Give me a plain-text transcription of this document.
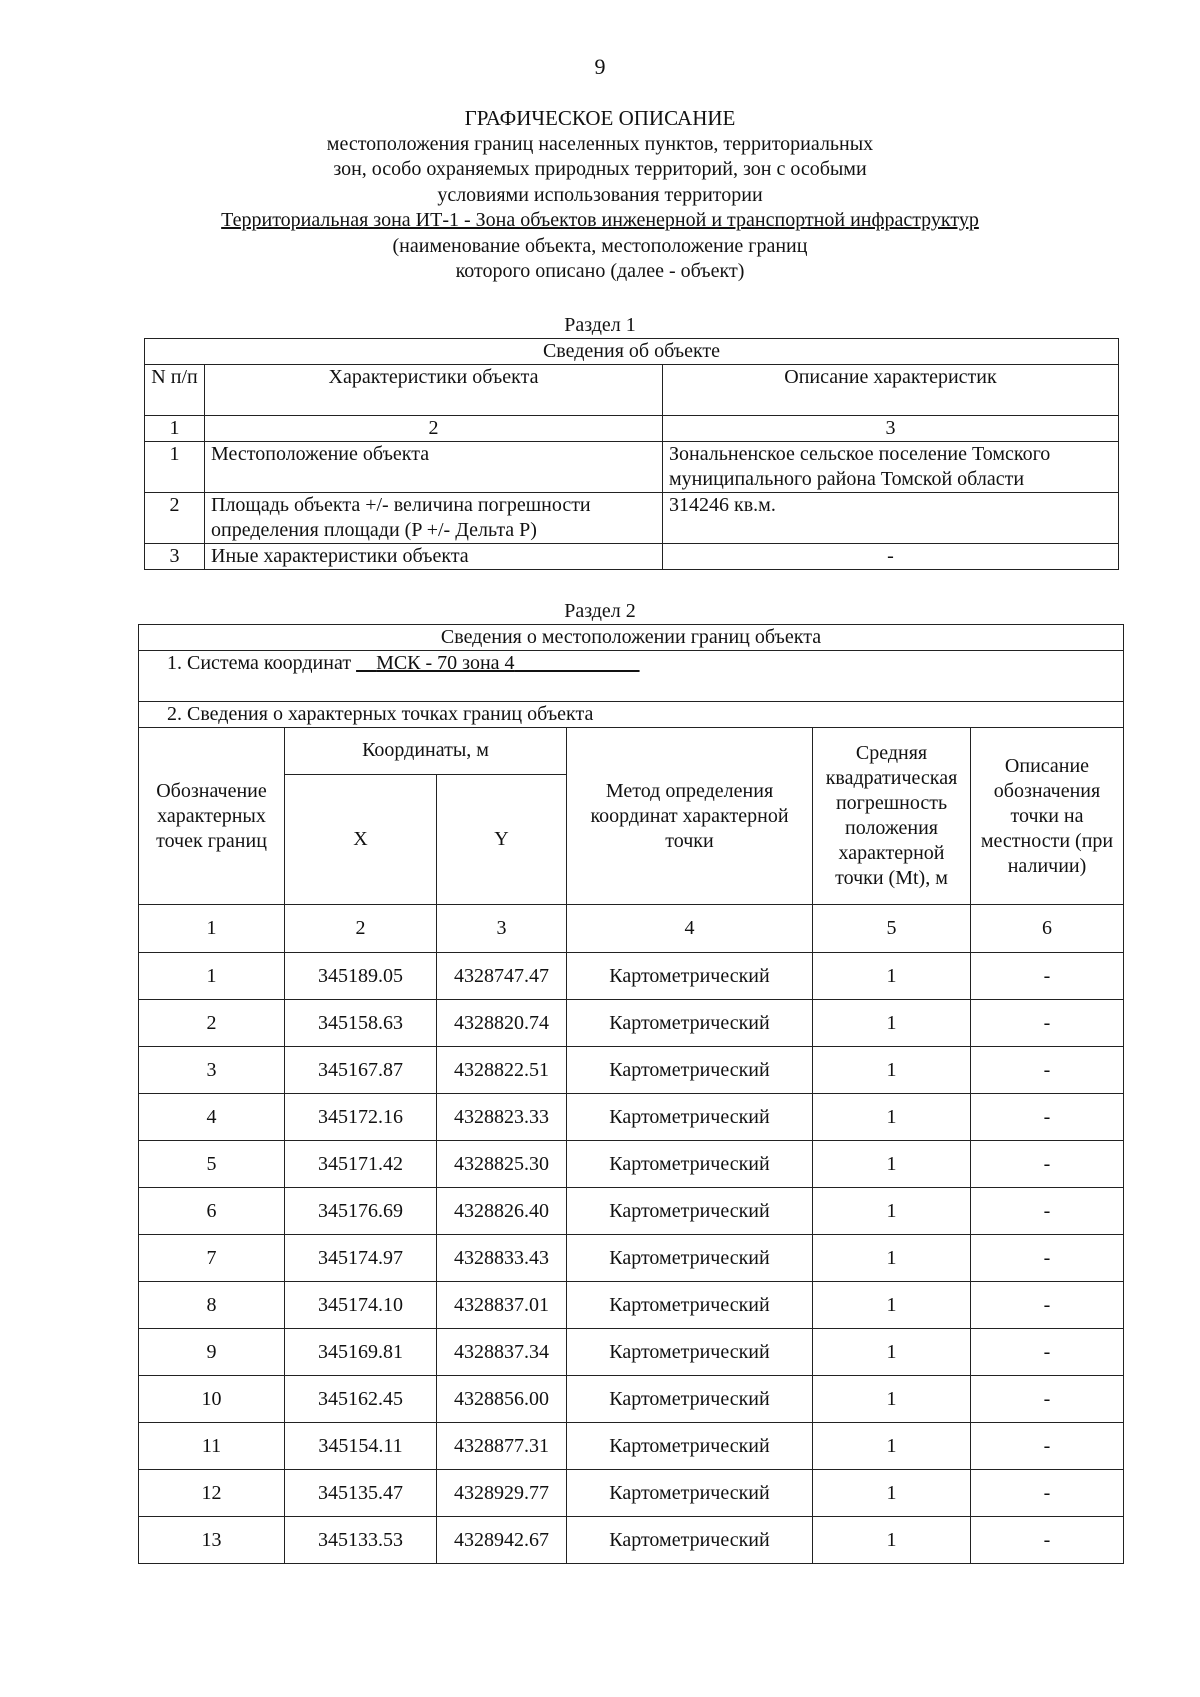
9
ГРАФИЧЕСКОЕ ОПИСАНИЕ
местоположения границ населенных пунктов, территориальных
зон, особо охраняемых природных территорий, зон с особыми
условиями использования территории
Территориальная зона ИТ-1 - Зона объектов инженерной и транспортной инфраструктур
(наименование объекта, местоположение границ
которого описано (далее - объект)
Раздел 1
Сведения об объекте		
N п/п	Характеристики объекта	Описание характеристик
1	2	3
1	Местоположение объекта	Зональненское сельское поселение Томского муниципального района Томской области
2	Площадь объекта +/- величина погрешности определения площади (P +/- Дельта P)	314246 кв.м.
3	Иные характеристики объекта	-
Раздел 2
Сведения о местоположении границ объекта					
1. Система координат МСК - 70 зона 4					
2. Сведения о характерных точках границ объекта					
Обозначение характерных точек границ	Координаты, м		Метод определения координат характерной точки	Средняя квадратическая погрешность положения характерной точки (Mt), м	Описание обозначения точки на местности (при наличии)
	X	Y			
1	2	3	4	5	6
1	345189.05	4328747.47	Картометрический	1	-
2	345158.63	4328820.74	Картометрический	1	-
3	345167.87	4328822.51	Картометрический	1	-
4	345172.16	4328823.33	Картометрический	1	-
5	345171.42	4328825.30	Картометрический	1	-
6	345176.69	4328826.40	Картометрический	1	-
7	345174.97	4328833.43	Картометрический	1	-
8	345174.10	4328837.01	Картометрический	1	-
9	345169.81	4328837.34	Картометрический	1	-
10	345162.45	4328856.00	Картометрический	1	-
11	345154.11	4328877.31	Картометрический	1	-
12	345135.47	4328929.77	Картометрический	1	-
13	345133.53	4328942.67	Картометрический	1	-
